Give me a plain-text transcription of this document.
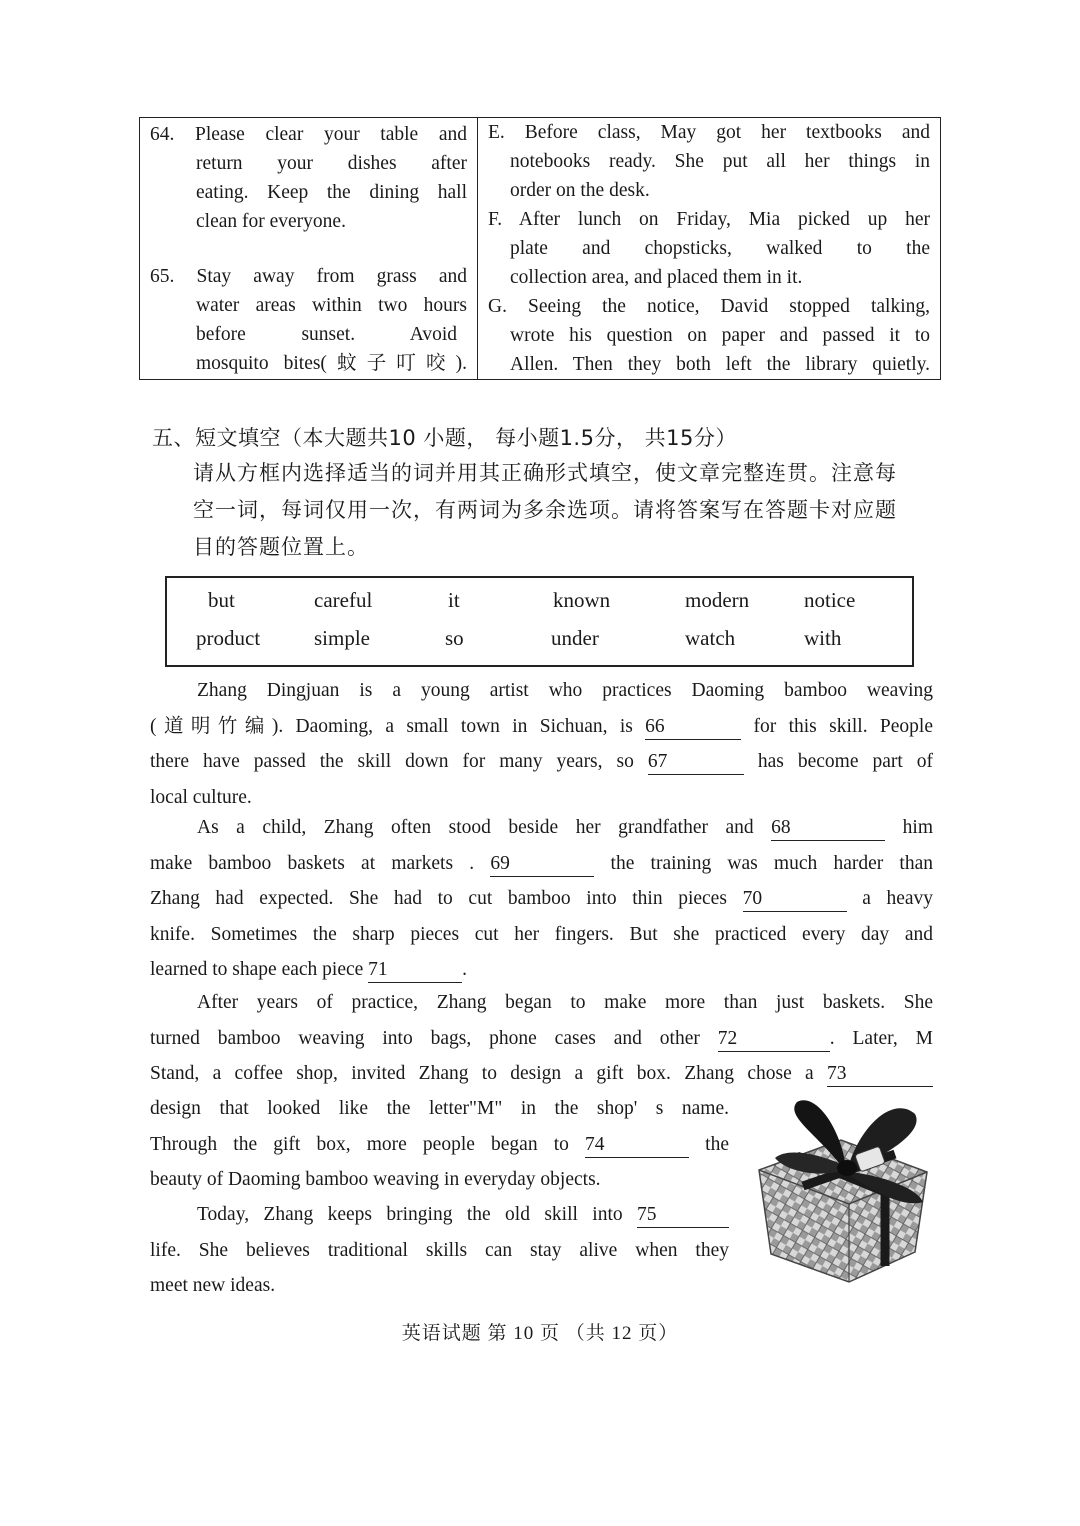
64. Please clear your table and
return your dishes after
eating. Keep the dining hall
clean for everyone.
65. Stay away from grass and
water areas within two hours
before sunset. Avoid
mosquito bites(蚊子叮咬).
E. Before class, May got her textbooks and
notebooks ready. She put all her things in
order on the desk.
F. After lunch on Friday, Mia picked up her
plate and chopsticks, walked to the
collection area, and placed them in it.
G. Seeing the notice, David stopped talking,
wrote his question on paper and passed it to
Allen. Then they both left the library quietly.
五、短文填空（本大题共10 小题， 每小题1.5分， 共15分）
请从方框内选择适当的词并用其正确形式填空，使文章完整连贯。注意每
空一词，每词仅用一次，有两词为多余选项。请将答案写在答题卡对应题
目的答题位置上。
but	careful	it	known	modern	notice
product	simple	so	under	watch	with
Zhang Dingjuan is a young artist who practices Daoming bamboo weaving
(道明竹编). Daoming, a small town in Sichuan, is 66	for this skill. People
there have passed the skill down for many years, so 67	has become part of
local culture.
As a child, Zhang often stood beside her grandfather and 68	him
make bamboo baskets at markets . 69	the training was much harder than
Zhang had expected. She had to cut bamboo into thin pieces 70	a heavy
knife. Sometimes the sharp pieces cut her fingers. But she practiced every day and
learned to shape each piece 71	.
After years of practice, Zhang began to make more than just baskets. She
turned bamboo weaving into bags, phone cases and other 72	. Later, M
Stand, a coffee shop, invited Zhang to design a gift box. Zhang chose a 73
design that looked like the letter"M" in the shop' s name.
Through the gift box, more people began to 74	the
beauty of Daoming bamboo weaving in everyday objects.
Today, Zhang keeps bringing the old skill into 75
life. She believes traditional skills can stay alive when they
meet new ideas.
英语试题 第 10 页 （共 12 页）
